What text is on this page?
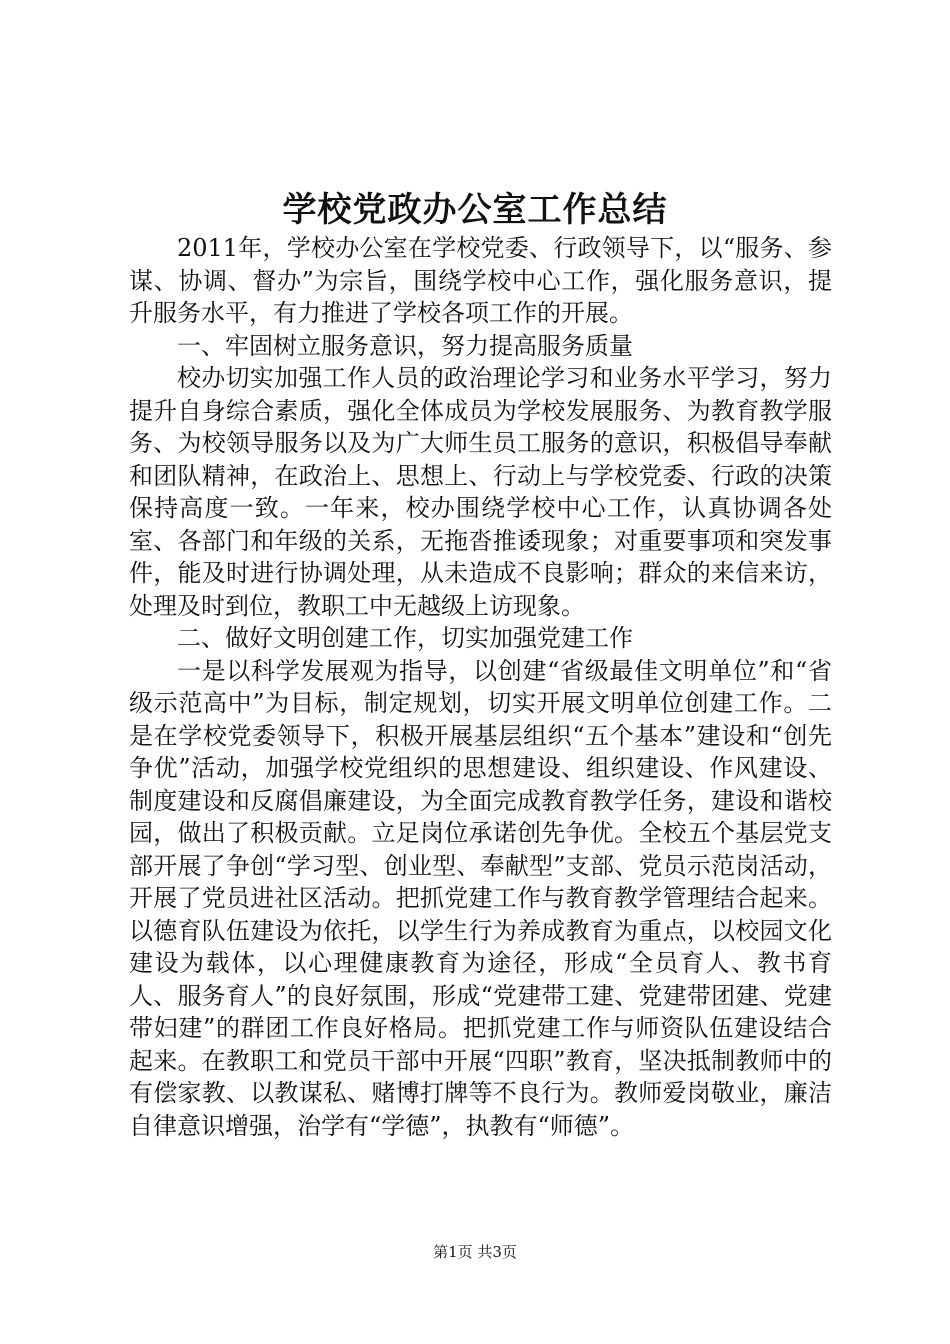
学校党政办公室工作总结

2011年，学校办公室在学校党委、行政领导下，以“服务、参谋、协调、督办”为宗旨，围绕学校中心工作，强化服务意识，提升服务水平，有力推进了学校各项工作的开展。

一、牢固树立服务意识，努力提高服务质量

校办切实加强工作人员的政治理论学习和业务水平学习，努力提升自身综合素质，强化全体成员为学校发展服务、为教育教学服务、为校领导服务以及为广大师生员工服务的意识，积极倡导奉献和团队精神，在政治上、思想上、行动上与学校党委、行政的决策保持高度一致。一年来，校办围绕学校中心工作，认真协调各处室、各部门和年级的关系，无拖沓推诿现象；对重要事项和突发事件，能及时进行协调处理，从未造成不良影响；群众的来信来访，处理及时到位，教职工中无越级上访现象。

二、做好文明创建工作，切实加强党建工作

一是以科学发展观为指导，以创建“省级最佳文明单位”和“省级示范高中”为目标，制定规划，切实开展文明单位创建工作。二是在学校党委领导下，积极开展基层组织“五个基本”建设和“创先争优”活动，加强学校党组织的思想建设、组织建设、作风建设、制度建设和反腐倡廉建设，为全面完成教育教学任务，建设和谐校园，做出了积极贡献。立足岗位承诺创先争优。全校五个基层党支部开展了争创“学习型、创业型、奉献型”支部、党员示范岗活动，开展了党员进社区活动。把抓党建工作与教育教学管理结合起来。以德育队伍建设为依托，以学生行为养成教育为重点，以校园文化建设为载体，以心理健康教育为途径，形成“全员育人、教书育人、服务育人”的良好氛围，形成“党建带工建、党建带团建、党建带妇建”的群团工作良好格局。把抓党建工作与师资队伍建设结合起来。在教职工和党员干部中开展“四职”教育，坚决抵制教师中的有偿家教、以教谋私、赌博打牌等不良行为。教师爱岗敬业，廉洁自律意识增强，治学有“学德”，执教有“师德”。

第1页 共3页
